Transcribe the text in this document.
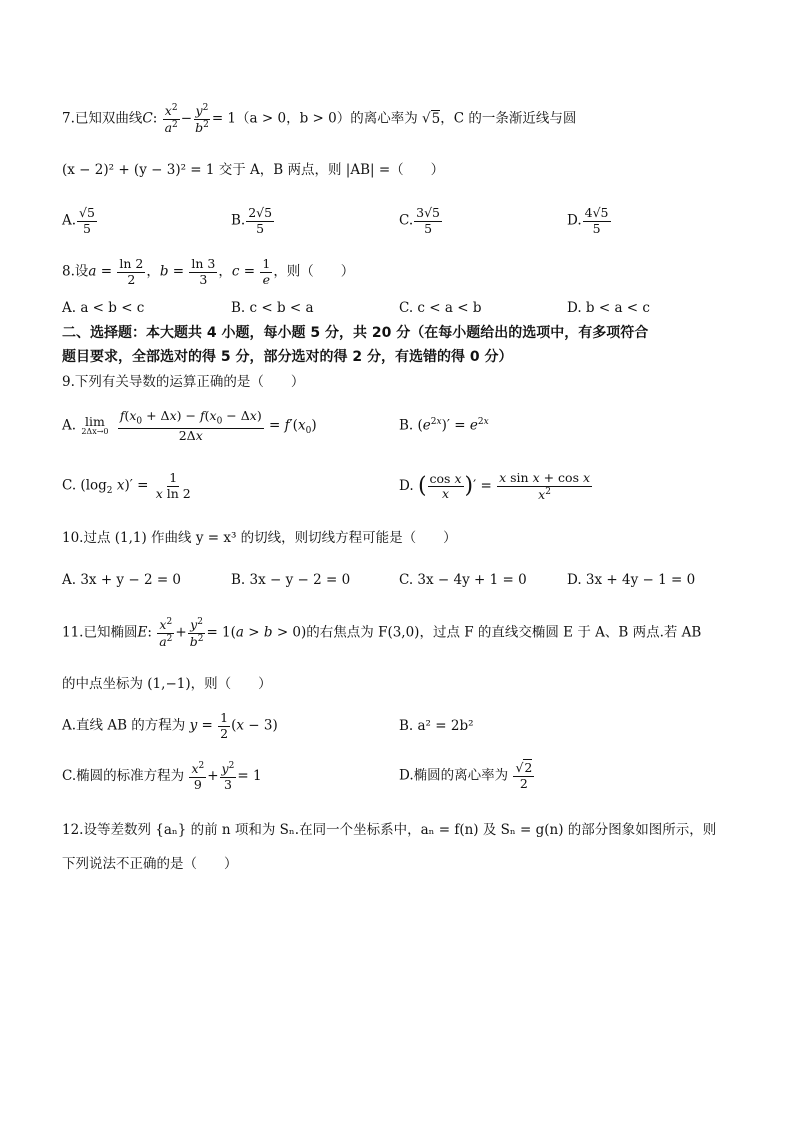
7.已知双曲线C: $\frac{x^2}{a^2} - \frac{y^2}{b^2} = 1(a > 0$，b > 0）的离心率为 √5，C 的一条渐近线与圆
(x − 2)² + (y − 3)² = 1 交于 A，B 两点，则 |AB| =（　　）
A. $\frac{√5}{5}$	B. $\frac{2√5}{5}$	C. $\frac{3√5}{5}$	D. $\frac{4√5}{5}$
8.设$a = \frac{\ln 2}{2}$ ，$b = \frac{\ln 3}{3}$ ，$c = \frac{1}{e}$ ，则（　　）
A. a < b < c	B. c < b < a	C. c < a < b	D. b < a < c
二、选择题：本大题共 4 小题，每小题 5 分，共 20 分（在每小题给出的选项中，有多项符合
题目要求，全部选对的得 5 分，部分选对的得 2 分，有选错的得 0 分）
9.下列有关导数的运算正确的是（　　）
A. lim
2Δx→0
$\frac{f(x_0 + \Delta x) - f(x_0 - \Delta x)}{2\Delta x} = f'(x_0)$	B. $(e^{2x})' = e^{2x}$
C. ($\log_2$ $x)' = \frac{1}{\text{x ln 2}}$	D. ( $\frac{\text{cos x}}{x}$ )′ = $\frac{\text{x sin x + cos x}}{x^2}$
10.过点 (1,1) 作曲线 y = x³ 的切线，则切线方程可能是（　　）
A. 3x + y − 2 = 0	B. 3x − y − 2 = 0	C. 3x − 4y + 1 = 0	D. 3x + 4y − 1 = 0
11.已知椭圆E: $\frac{x^2}{a^2} + \frac{y^2}{b^2} = 1(a > b > 0)$的右焦点为 F(3,0)，过点 F 的直线交椭圆 E 于 A、B 两点.若 AB
的中点坐标为 (1,−1)，则（　　）
A.直线 AB 的方程为 $y = \frac{1}{2} (x - 3)$	B. a² = 2b²
C.椭圆的标准方程为 $\frac{x^2}{9} + \frac{y^2}{3} = 1$	D.椭圆的离心率为 $\frac{√2}{2}$
12.设等差数列 {aₙ} 的前 n 项和为 Sₙ.在同一个坐标系中，aₙ = f(n) 及 Sₙ = g(n) 的部分图象如图所示，则
下列说法不正确的是（　　）
